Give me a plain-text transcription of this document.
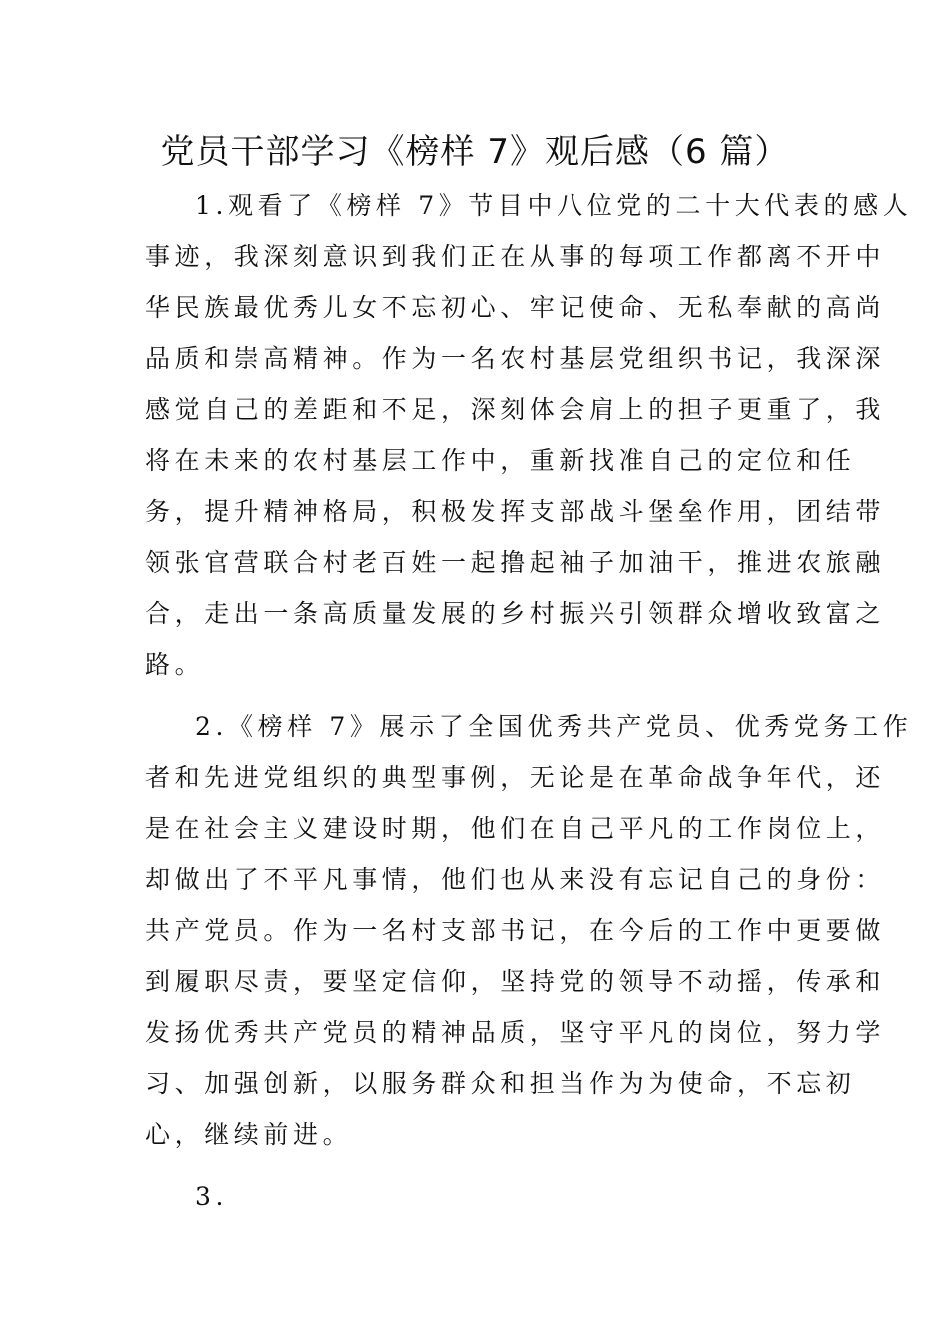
党员干部学习《榜样 7》观后感（6 篇）

1.观看了《榜样 7》节目中八位党的二十大代表的感人
事迹，我深刻意识到我们正在从事的每项工作都离不开中
华民族最优秀儿女不忘初心、牢记使命、无私奉献的高尚
品质和崇高精神。作为一名农村基层党组织书记，我深深
感觉自己的差距和不足，深刻体会肩上的担子更重了，我
将在未来的农村基层工作中，重新找准自己的定位和任
务，提升精神格局，积极发挥支部战斗堡垒作用，团结带
领张官营联合村老百姓一起撸起袖子加油干，推进农旅融
合，走出一条高质量发展的乡村振兴引领群众增收致富之
路。

2.《榜样 7》展示了全国优秀共产党员、优秀党务工作
者和先进党组织的典型事例，无论是在革命战争年代，还
是在社会主义建设时期，他们在自己平凡的工作岗位上，
却做出了不平凡事情，他们也从来没有忘记自己的身份：
共产党员。作为一名村支部书记，在今后的工作中更要做
到履职尽责，要坚定信仰，坚持党的领导不动摇，传承和
发扬优秀共产党员的精神品质，坚守平凡的岗位，努力学
习、加强创新，以服务群众和担当作为为使命，不忘初
心，继续前进。

3.
